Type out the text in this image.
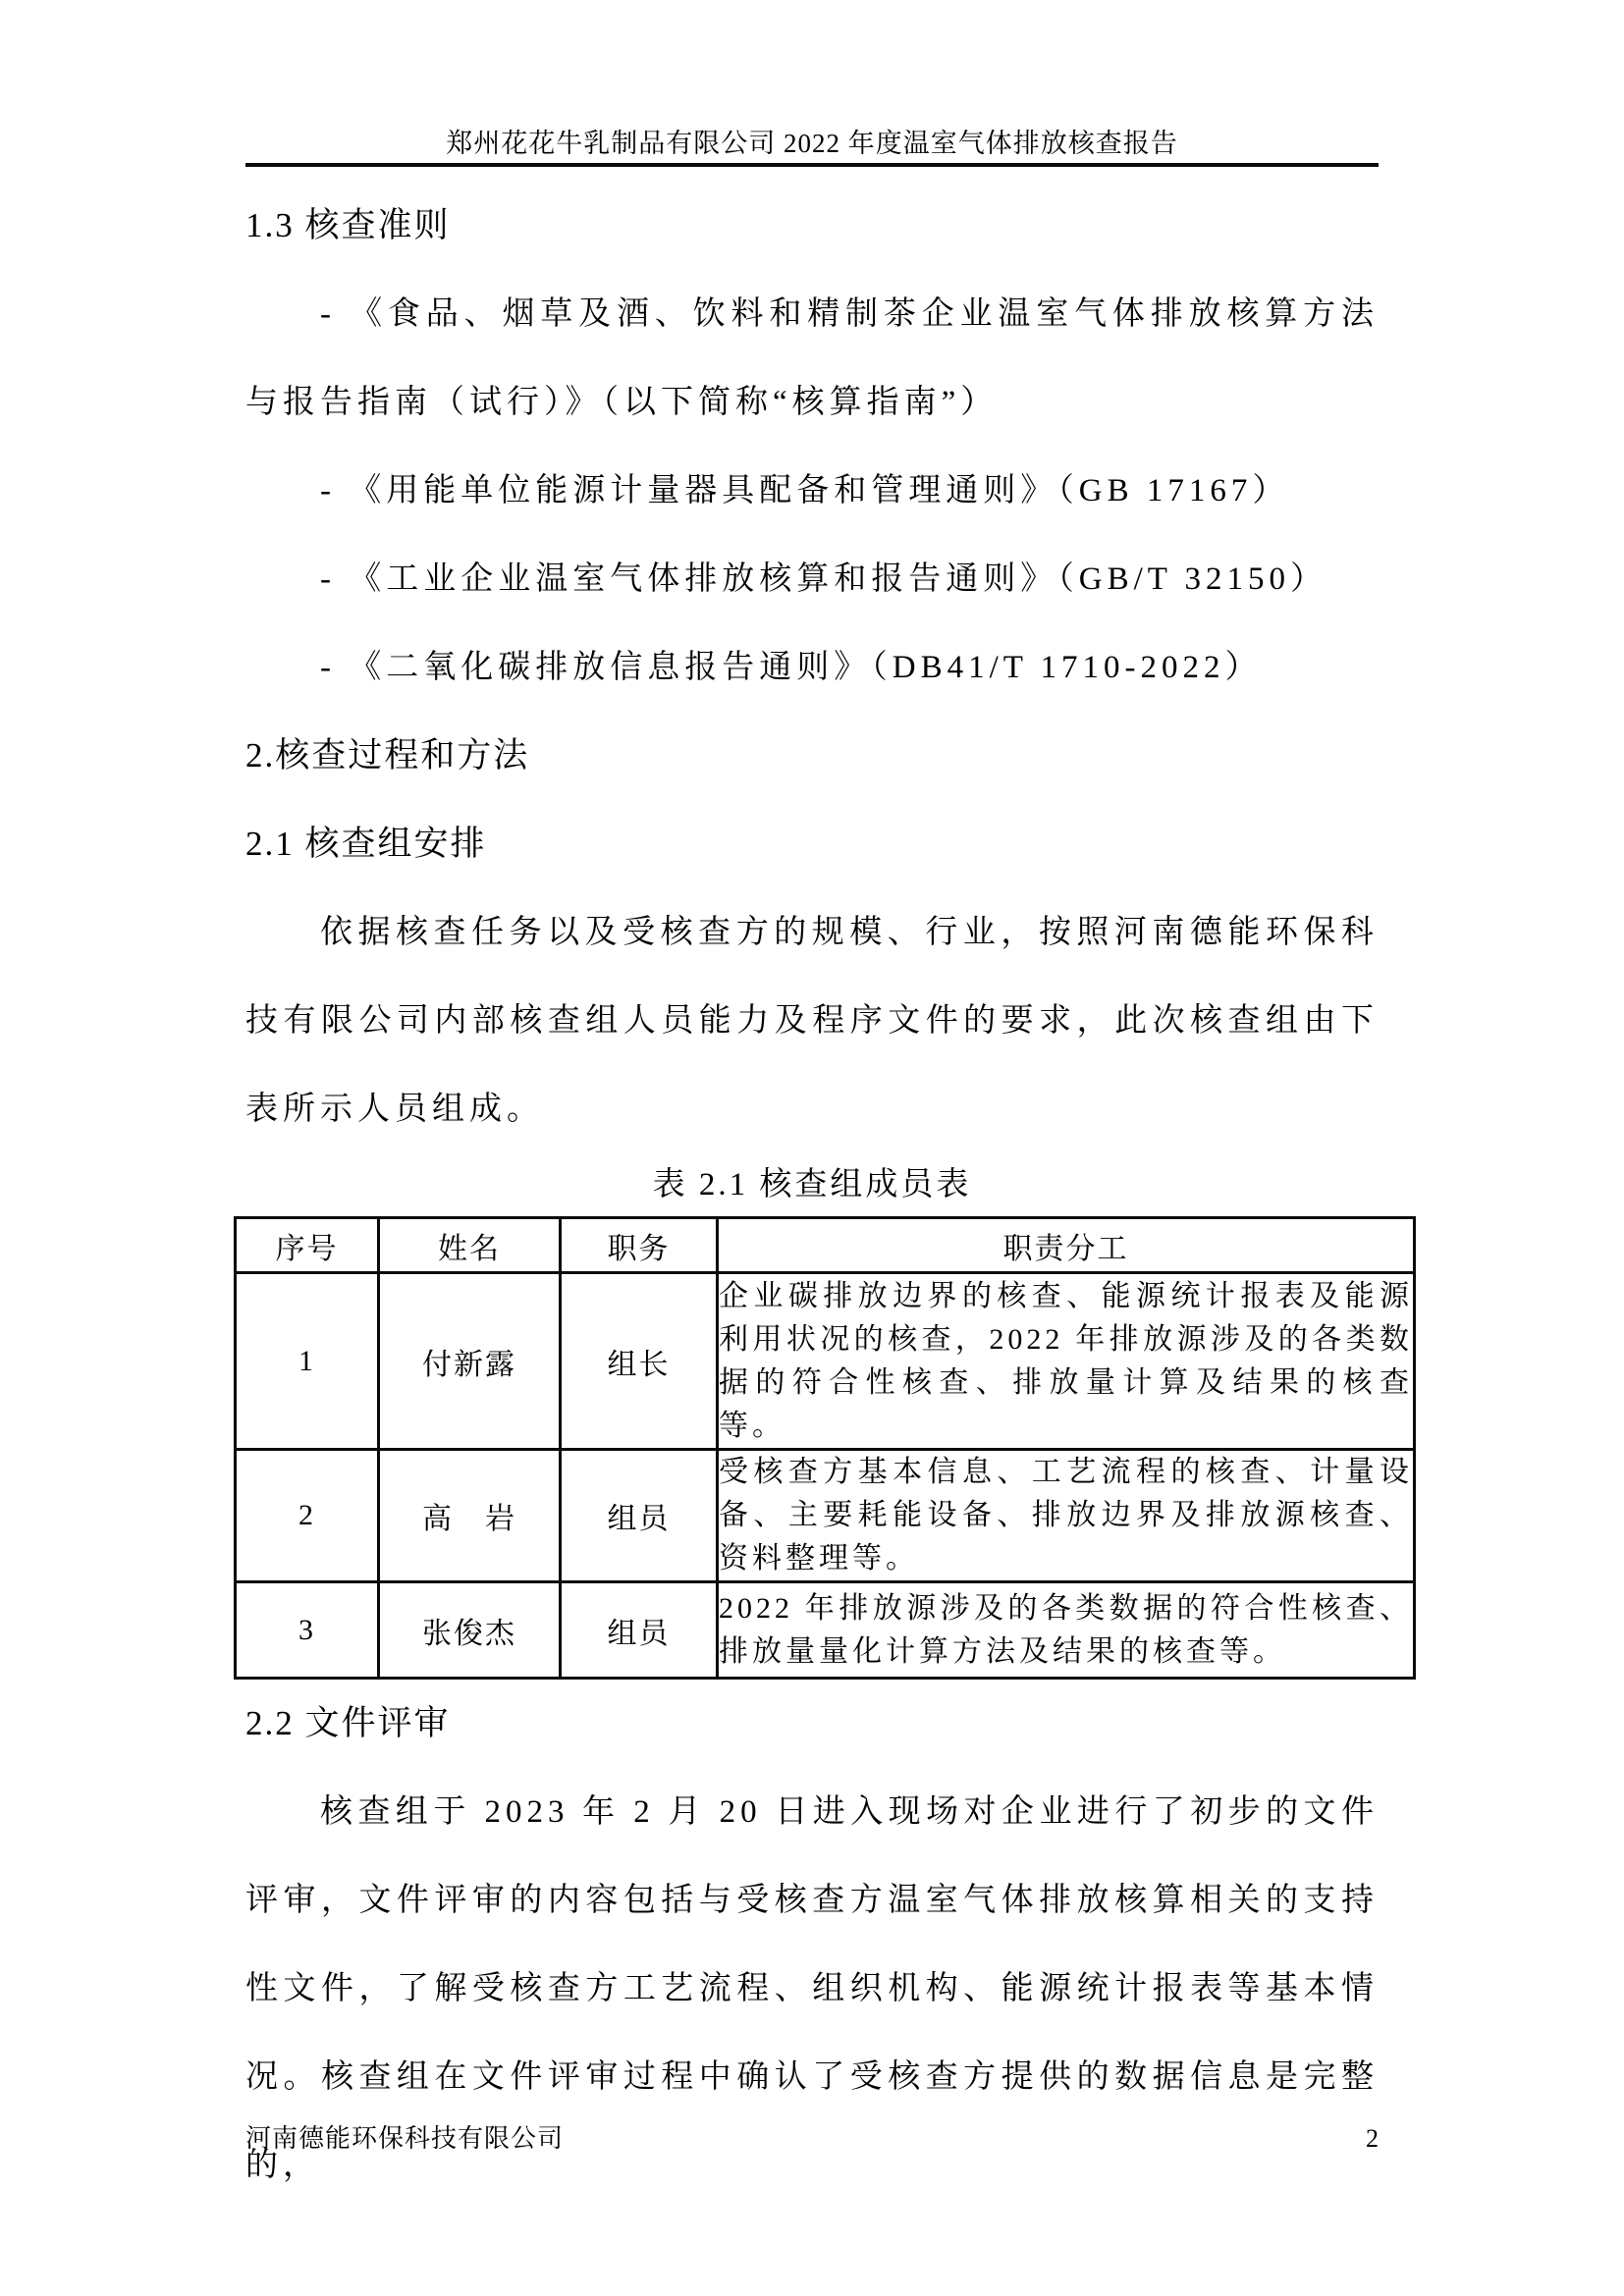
郑州花花牛乳制品有限公司 2022 年度温室气体排放核查报告
1.3 核查准则

- 《食品、烟草及酒、饮料和精制茶企业温室气体排放核算方法与报告指南（试行）》（以下简称“核算指南”）

- 《用能单位能源计量器具配备和管理通则》（GB 17167）

- 《工业企业温室气体排放核算和报告通则》（GB/T 32150）

- 《二氧化碳排放信息报告通则》（DB41/T 1710-2022）

2.核查过程和方法
2.1 核查组安排

依据核查任务以及受核查方的规模、行业，按照河南德能环保科技有限公司内部核查组人员能力及程序文件的要求，此次核查组由下表所示人员组成。

表 2.1 核查组成员表

序号	姓名	职务	职责分工
1	付新露	组长	企业碳排放边界的核查、能源统计报表及能源利用状况的核查，2022 年排放源涉及的各类数据的符合性核查、排放量计算及结果的核查等。
2	高　岩	组员	受核查方基本信息、工艺流程的核查、计量设备、主要耗能设备、排放边界及排放源核查、资料整理等。
3	张俊杰	组员	2022 年排放源涉及的各类数据的符合性核查、排放量量化计算方法及结果的核查等。
2.2 文件评审

核查组于 2023 年 2 月 20 日进入现场对企业进行了初步的文件评审，文件评审的内容包括与受核查方温室气体排放核算相关的支持性文件，了解受核查方工艺流程、组织机构、能源统计报表等基本情况。核查组在文件评审过程中确认了受核查方提供的数据信息是完整的，

河南德能环保科技有限公司	2
